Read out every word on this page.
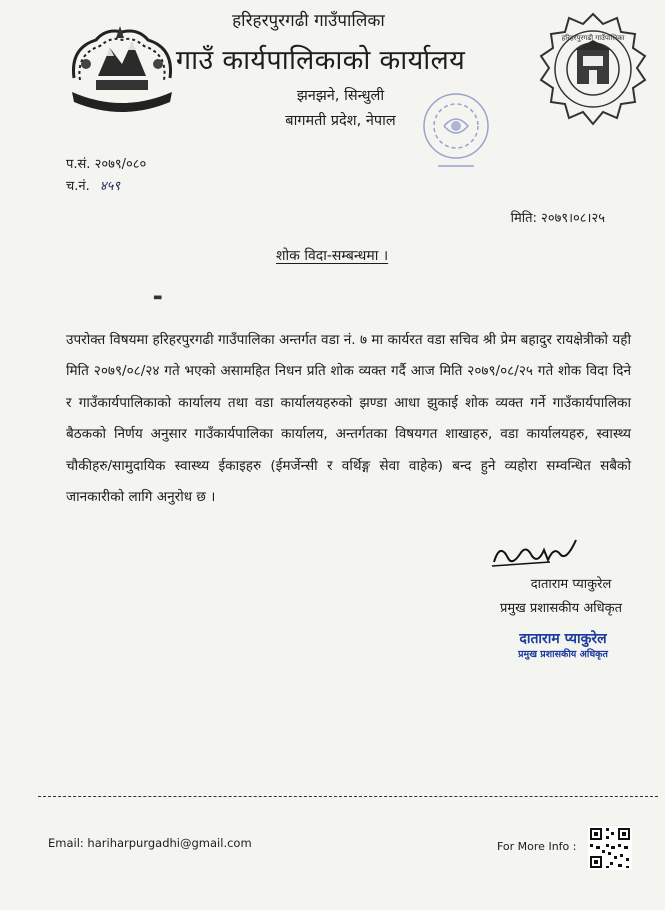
हरिहरपुरगढी गाउँपालिका
हरिहरपुरगढी गाउँपालिका
गाउँ कार्यपालिकाको कार्यालय
झनझने, सिन्धुली
बागमती प्रदेश, नेपाल
प.सं. २०७९/०८०
च.नं. ४५९
मिति: २०७९।०८।२५
शोक विदा-सम्बन्धमा ।
▬
उपरोक्त विषयमा हरिहरपुरगढी गाउँपालिका अन्तर्गत वडा नं. ७ मा कार्यरत वडा सचिव श्री प्रेम बहादुर रायक्षेत्रीको यही मिति २०७९/०८/२४ गते भएको असामहित निधन प्रति शोक व्यक्त गर्दै आज मिति २०७९/०८/२५ गते शोक विदा दिने र गाउँकार्यपालिकाको कार्यालय तथा वडा कार्यालयहरुको झण्डा आधा झुकाई शोक व्यक्त गर्ने गाउँकार्यपालिका बैठकको निर्णय अनुसार गाउँकार्यपालिका कार्यालय, अन्तर्गतका विषयगत शाखाहरु, वडा कार्यालयहरु, स्वास्थ्य चौकीहरु/सामुदायिक स्वास्थ्य ईकाइहरु (ईमर्जेन्सी र वर्थिङ्ग सेवा वाहेक) बन्द हुने व्यहोरा सम्वन्धित सबैको जानकारीको लागि अनुरोध छ ।
दाताराम प्याकुरेल
प्रमुख प्रशासकीय अधिकृत
दाताराम प्याकुरेल
प्रमुख प्रशासकीय अधिकृत
Email: hariharpurgadhi@gmail.com	For More Info :
